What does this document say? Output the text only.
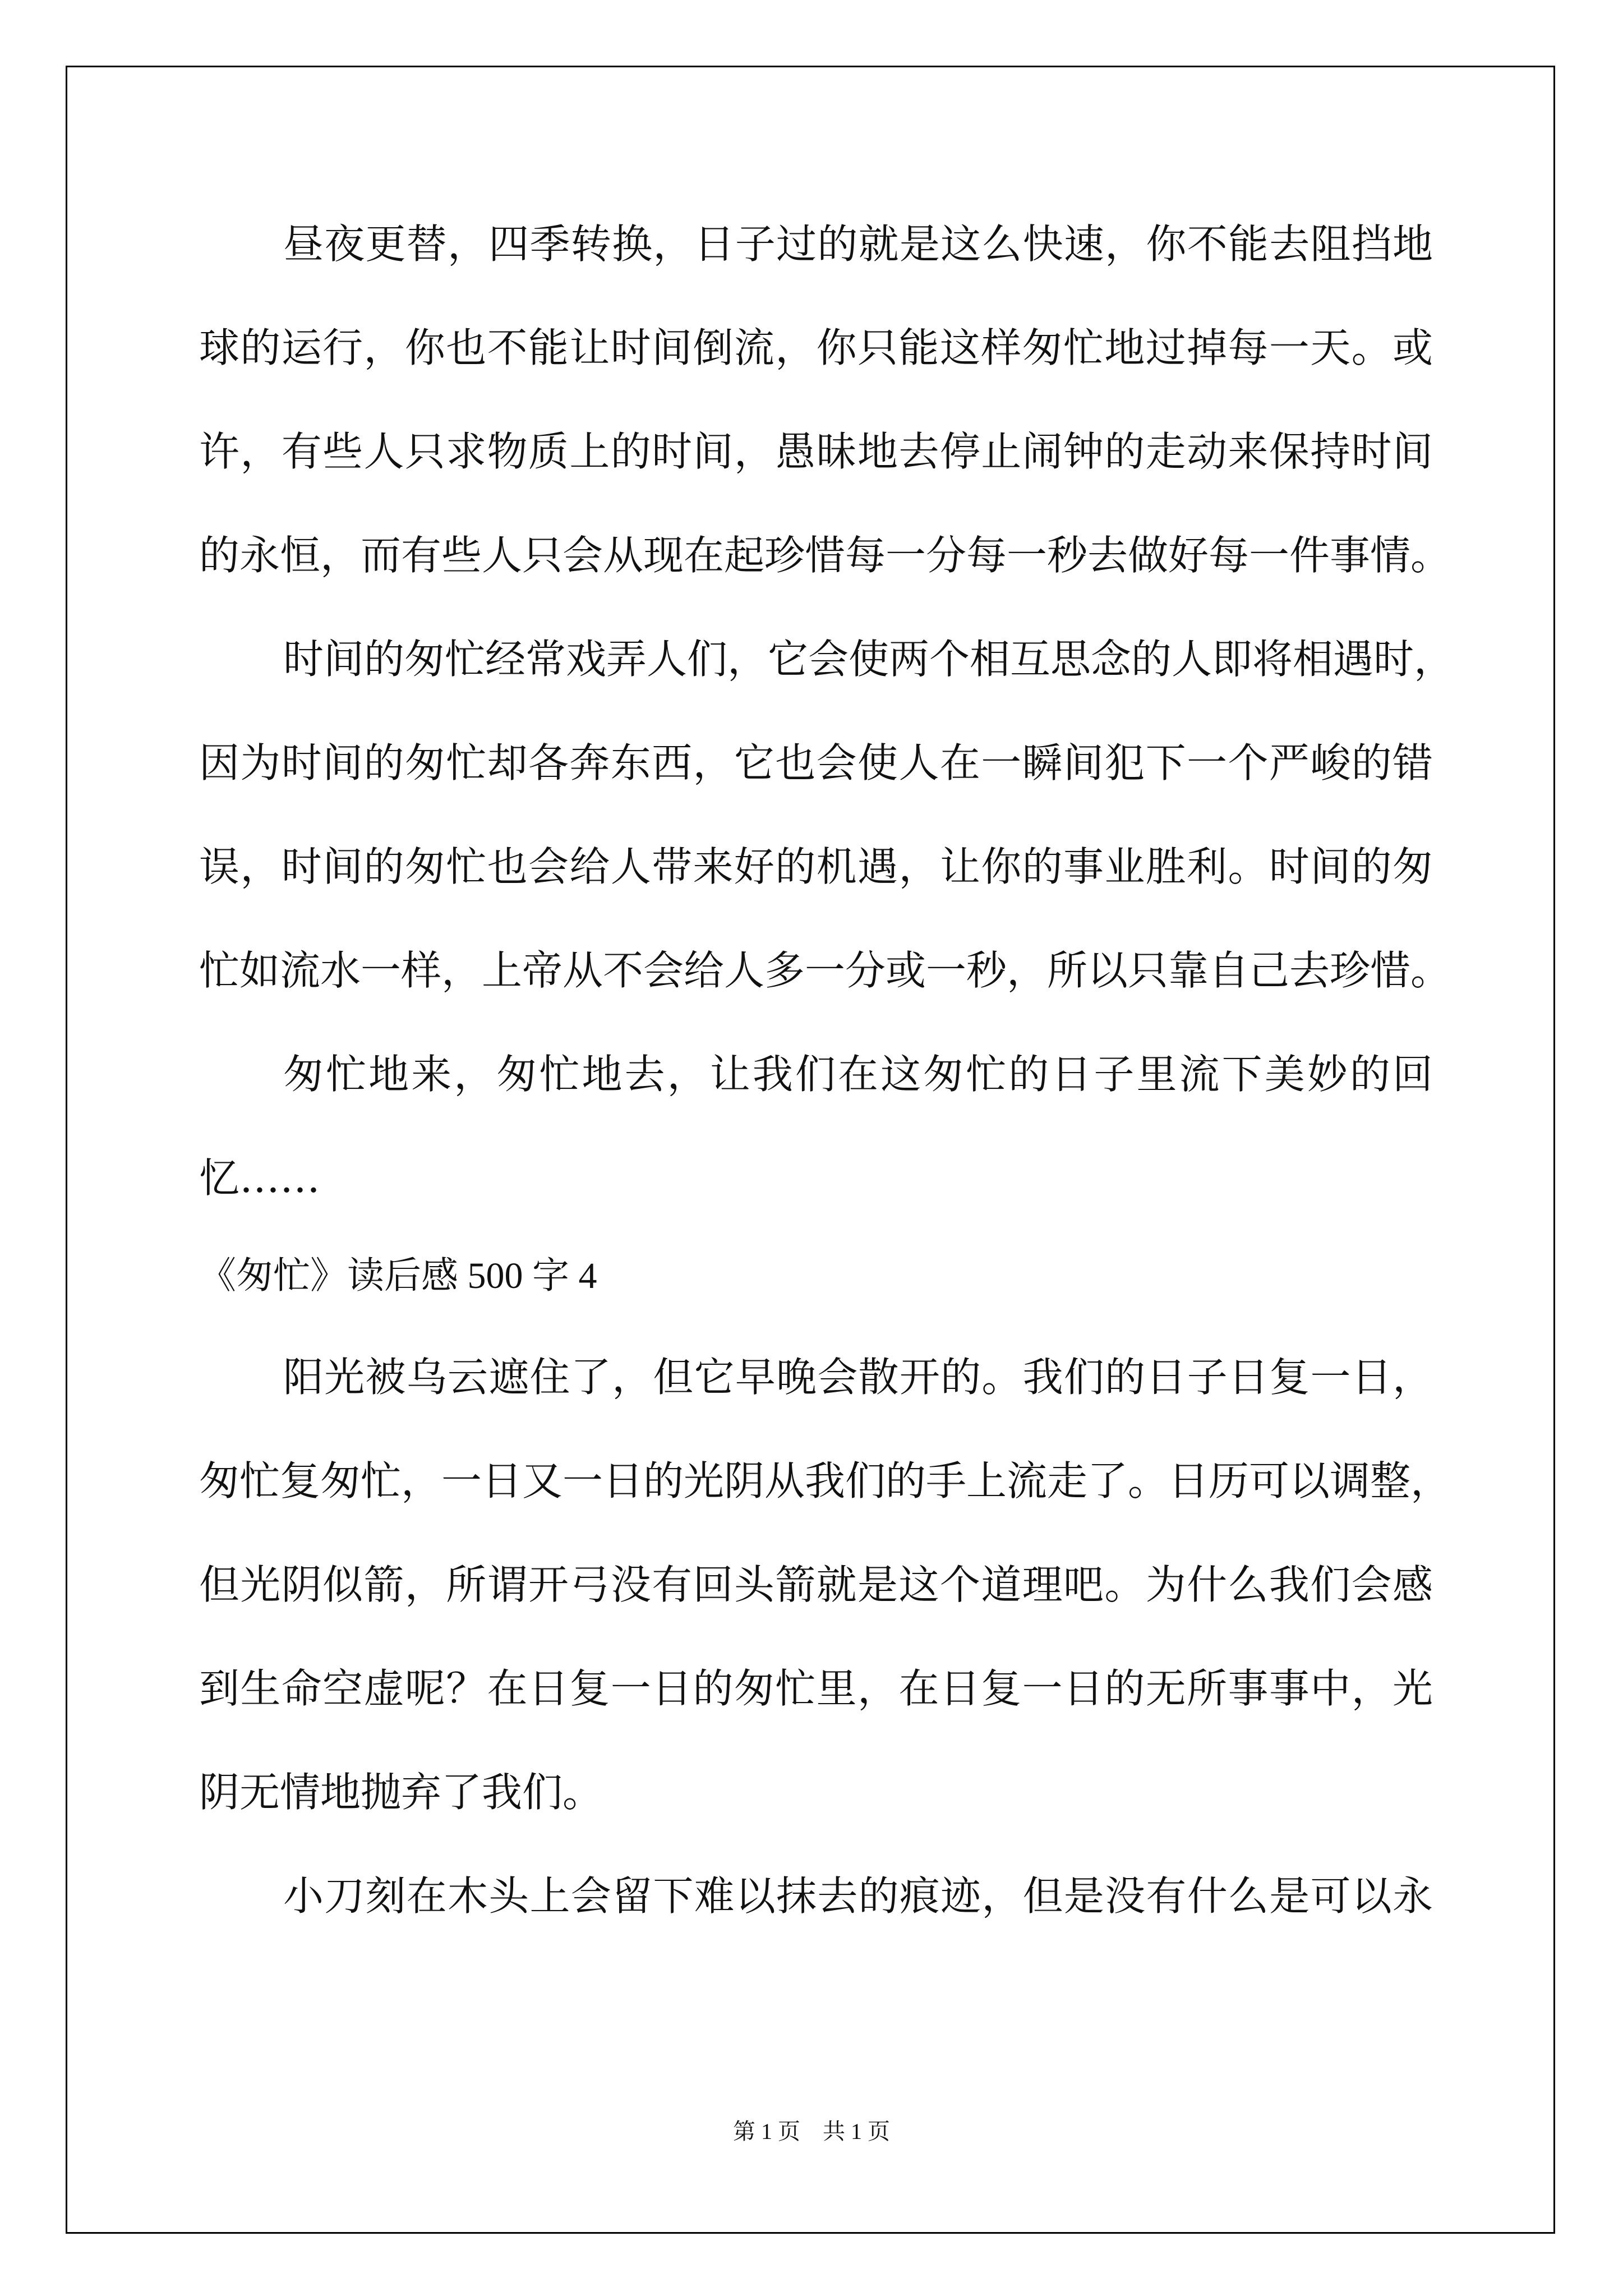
昼夜更替，四季转换，日子过的就是这么快速，你不能去阻挡地

球的运行，你也不能让时间倒流，你只能这样匆忙地过掉每一天。或

许，有些人只求物质上的时间，愚昧地去停止闹钟的走动来保持时间

的永恒，而有些人只会从现在起珍惜每一分每一秒去做好每一件事情。

时间的匆忙经常戏弄人们，它会使两个相互思念的人即将相遇时，

因为时间的匆忙却各奔东西，它也会使人在一瞬间犯下一个严峻的错

误，时间的匆忙也会给人带来好的机遇，让你的事业胜利。时间的匆

忙如流水一样，上帝从不会给人多一分或一秒，所以只靠自己去珍惜。

匆忙地来，匆忙地去，让我们在这匆忙的日子里流下美妙的回

忆……

《匆忙》读后感 500 字 4

阳光被乌云遮住了，但它早晚会散开的。我们的日子日复一日，

匆忙复匆忙，一日又一日的光阴从我们的手上流走了。日历可以调整，

但光阴似箭，所谓开弓没有回头箭就是这个道理吧。为什么我们会感

到生命空虚呢？在日复一日的匆忙里，在日复一日的无所事事中，光

阴无情地抛弃了我们。

小刀刻在木头上会留下难以抹去的痕迹，但是没有什么是可以永

第 1 页　共 1 页
